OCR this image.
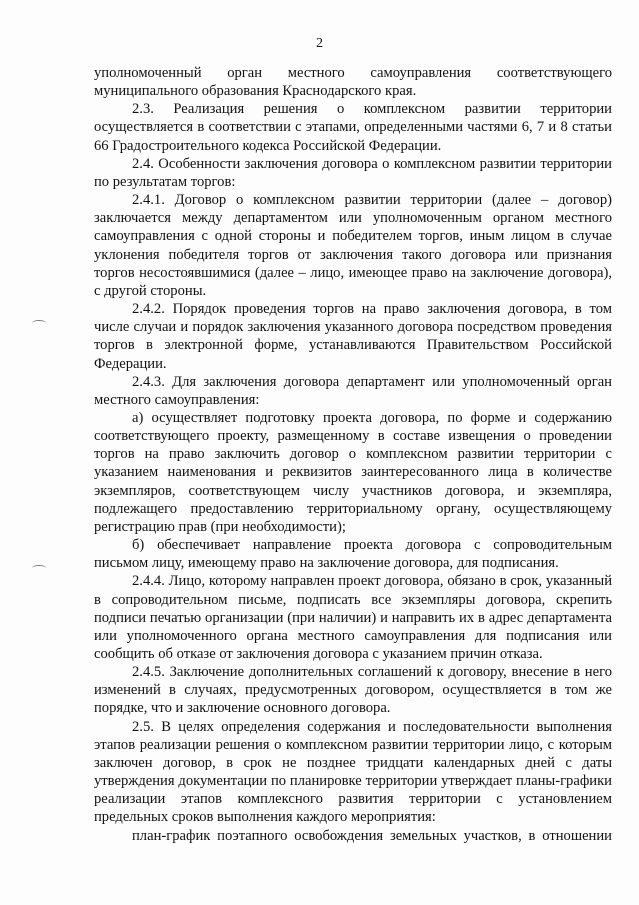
2

уполномоченный орган местного самоуправления соответствующего муниципального образования Краснодарского края.

2.3. Реализация решения о комплексном развитии территории осуществляется в соответствии с этапами, определенными частями 6, 7 и 8 статьи 66 Градостроительного кодекса Российской Федерации.

2.4. Особенности заключения договора о комплексном развитии территории по результатам торгов:

2.4.1. Договор о комплексном развитии территории (далее – договор) заключается между департаментом или уполномоченным органом местного самоуправления с одной стороны и победителем торгов, иным лицом в случае уклонения победителя торгов от заключения такого договора или признания торгов несостоявшимися (далее – лицо, имеющее право на заключение договора), с другой стороны.

2.4.2. Порядок проведения торгов на право заключения договора, в том числе случаи и порядок заключения указанного договора посредством проведения торгов в электронной форме, устанавливаются Правительством Российской Федерации.

2.4.3. Для заключения договора департамент или уполномоченный орган местного самоуправления:

а) осуществляет подготовку проекта договора, по форме и содержанию соответствующего проекту, размещенному в составе извещения о проведении торгов на право заключить договор о комплексном развитии территории с указанием наименования и реквизитов заинтересованного лица в количестве экземпляров, соответствующем числу участников договора, и экземпляра, подлежащего предоставлению территориальному органу, осуществляющему регистрацию прав (при необходимости);

б) обеспечивает направление проекта договора с сопроводительным письмом лицу, имеющему право на заключение договора, для подписания.

2.4.4. Лицо, которому направлен проект договора, обязано в срок, указанный в сопроводительном письме, подписать все экземпляры договора, скрепить подписи печатью организации (при наличии) и направить их в адрес департамента или уполномоченного органа местного самоуправления для подписания или сообщить об отказе от заключения договора с указанием причин отказа.

2.4.5. Заключение дополнительных соглашений к договору, внесение в него изменений в случаях, предусмотренных договором, осуществляется в том же порядке, что и заключение основного договора.

2.5. В целях определения содержания и последовательности выполнения этапов реализации решения о комплексном развитии территории лицо, с которым заключен договор, в срок не позднее тридцати календарных дней с даты утверждения документации по планировке территории утверждает планы-графики реализации этапов комплексного развития территории с установлением предельных сроков выполнения каждого мероприятия:

план-график поэтапного освобождения земельных участков, в отношении
